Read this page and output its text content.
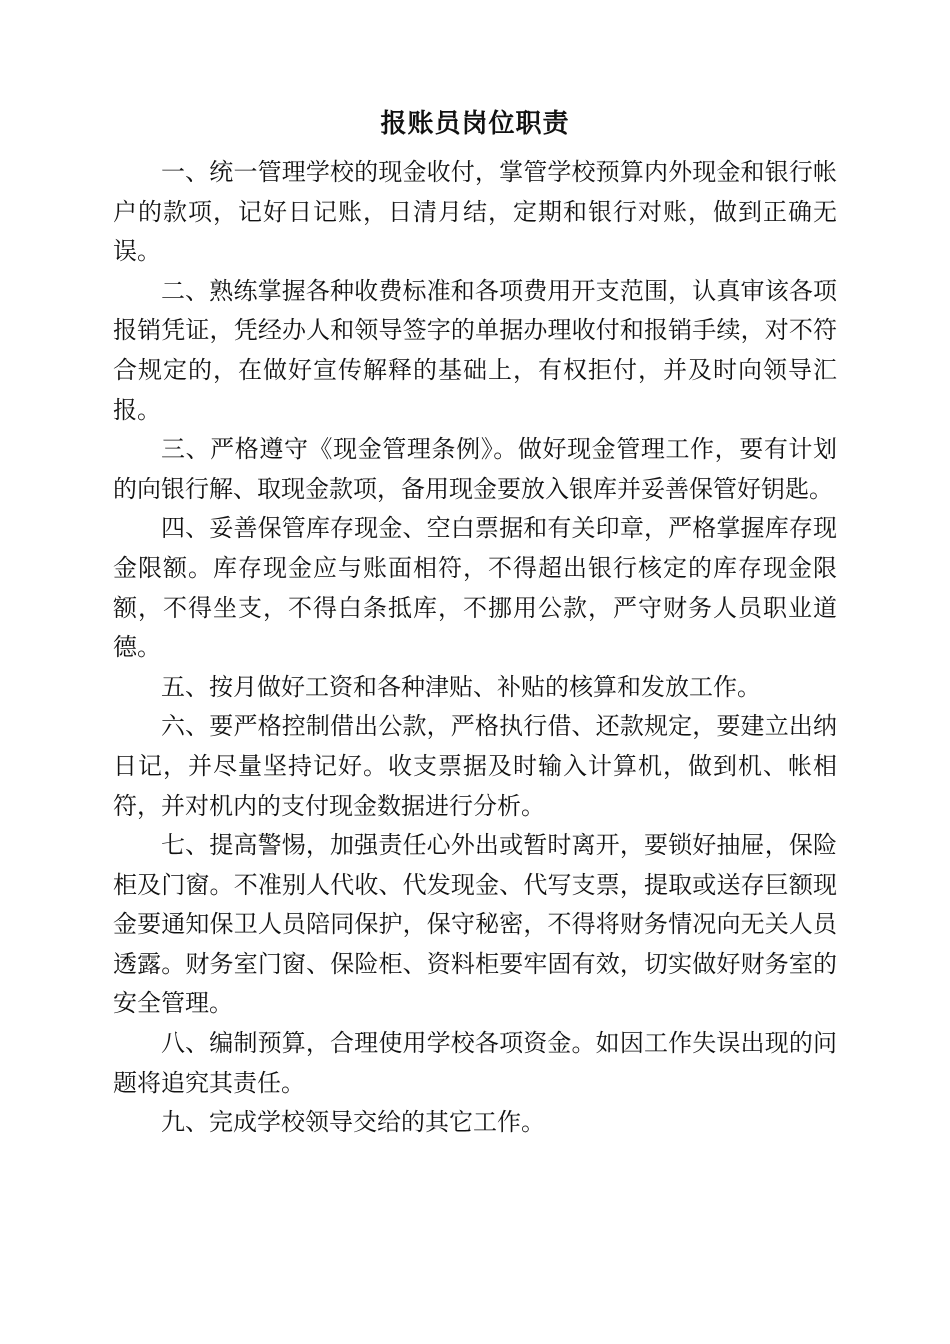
报账员岗位职责

一、统一管理学校的现金收付，掌管学校预算内外现金和银行帐户的款项，记好日记账，日清月结，定期和银行对账，做到正确无误。

二、熟练掌握各种收费标准和各项费用开支范围，认真审该各项报销凭证，凭经办人和领导签字的单据办理收付和报销手续，对不符合规定的，在做好宣传解释的基础上，有权拒付，并及时向领导汇报。

三、严格遵守《现金管理条例》。做好现金管理工作，要有计划的向银行解、取现金款项，备用现金要放入银库并妥善保管好钥匙。

四、妥善保管库存现金、空白票据和有关印章，严格掌握库存现金限额。库存现金应与账面相符，不得超出银行核定的库存现金限额，不得坐支，不得白条抵库，不挪用公款，严守财务人员职业道德。

五、按月做好工资和各种津贴、补贴的核算和发放工作。

六、要严格控制借出公款，严格执行借、还款规定，要建立出纳日记，并尽量坚持记好。收支票据及时输入计算机，做到机、帐相符，并对机内的支付现金数据进行分析。

七、提高警惕，加强责任心外出或暂时离开，要锁好抽屉，保险柜及门窗。不准别人代收、代发现金、代写支票，提取或送存巨额现金要通知保卫人员陪同保护，保守秘密，不得将财务情况向无关人员透露。财务室门窗、保险柜、资料柜要牢固有效，切实做好财务室的安全管理。

八、编制预算，合理使用学校各项资金。如因工作失误出现的问题将追究其责任。

九、完成学校领导交给的其它工作。
